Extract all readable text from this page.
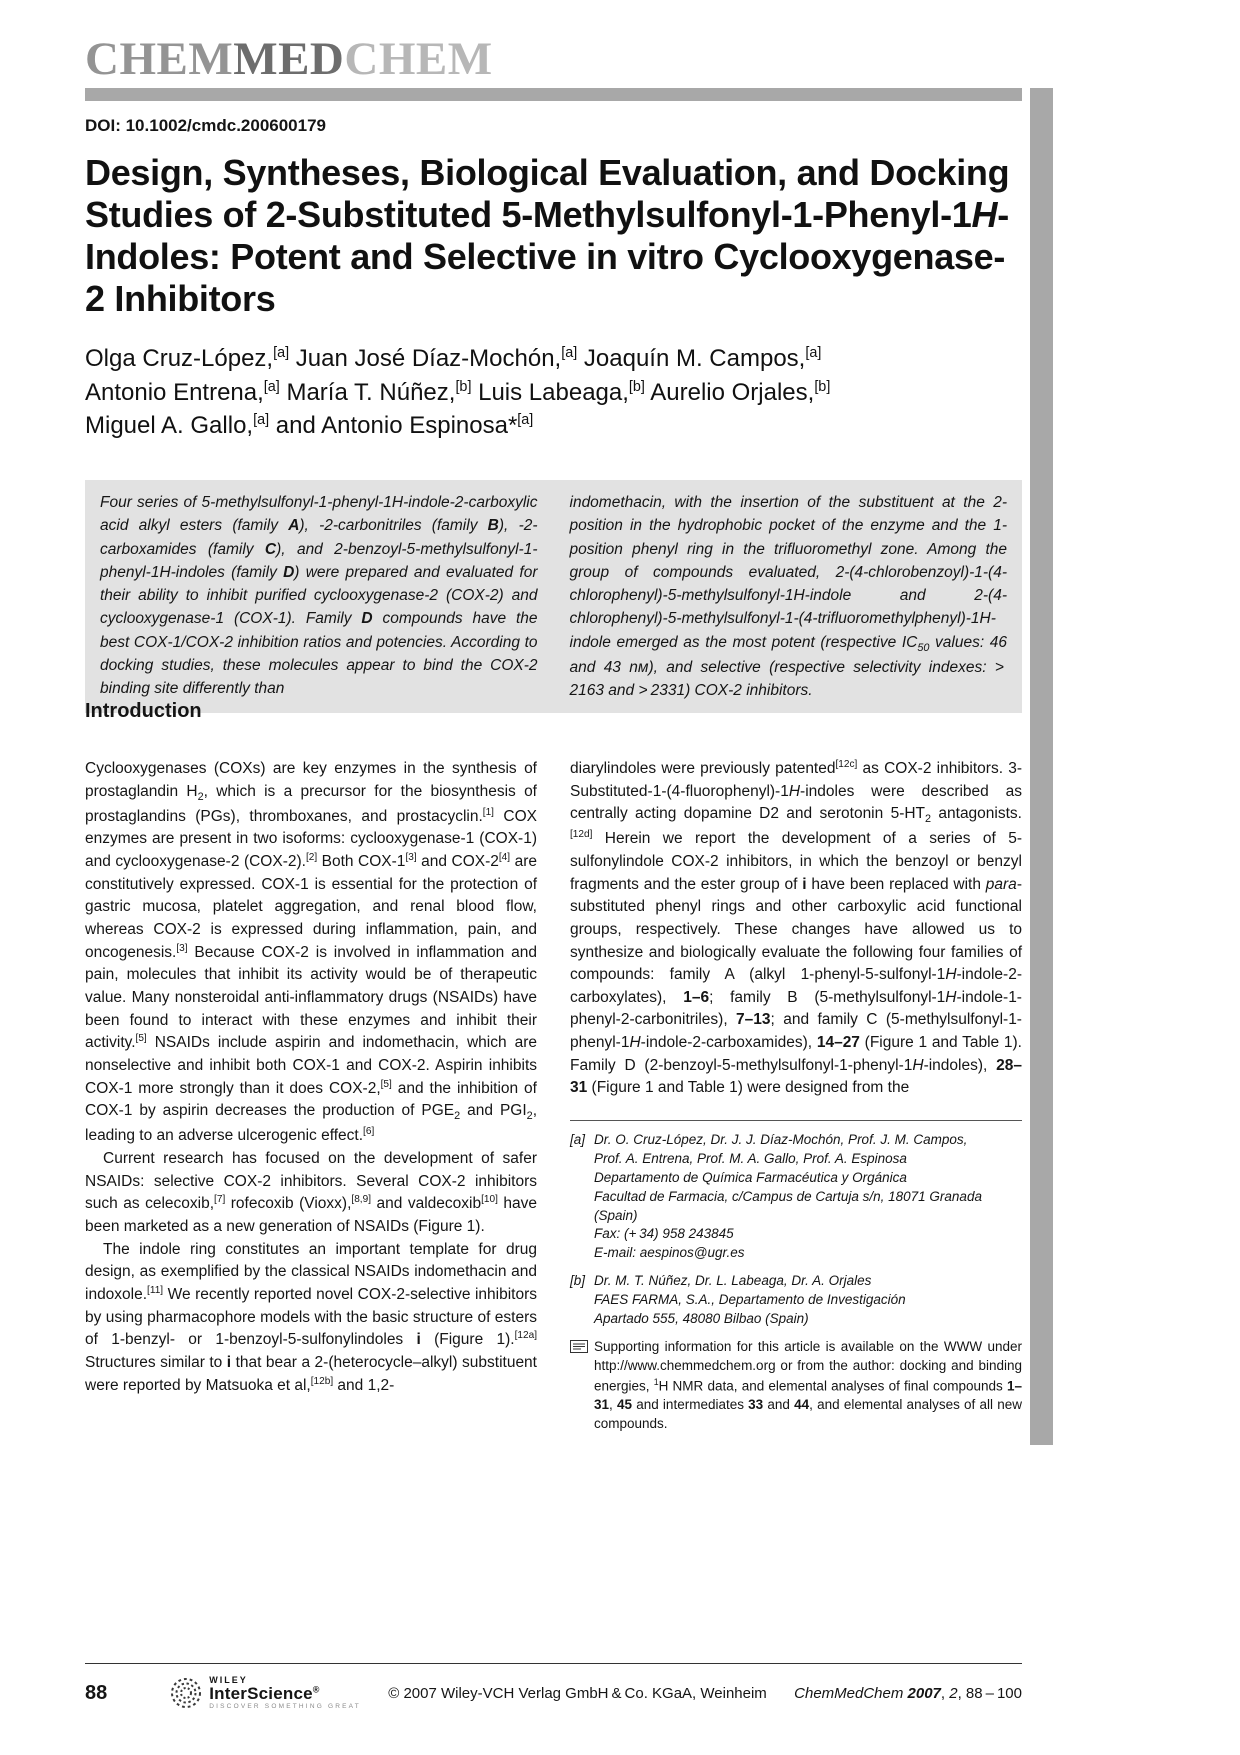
CHEMMEDCHEM
DOI: 10.1002/cmdc.200600179
Design, Syntheses, Biological Evaluation, and Docking Studies of 2-Substituted 5-Methylsulfonyl-1-Phenyl-1H-Indoles: Potent and Selective in vitro Cyclooxygenase-2 Inhibitors
Olga Cruz-López,[a] Juan José Díaz-Mochón,[a] Joaquín M. Campos,[a]
Antonio Entrena,[a] María T. Núñez,[b] Luis Labeaga,[b] Aurelio Orjales,[b]
Miguel A. Gallo,[a] and Antonio Espinosa*[a]
Four series of 5-methylsulfonyl-1-phenyl-1H-indole-2-carboxylic acid alkyl esters (family A), -2-carbonitriles (family B), -2-carboxamides (family C), and 2-benzoyl-5-methylsulfonyl-1-phenyl-1H-indoles (family D) were prepared and evaluated for their ability to inhibit purified cyclooxygenase-2 (COX-2) and cyclooxygenase-1 (COX-1). Family D compounds have the best COX-1/COX-2 inhibition ratios and potencies. According to docking studies, these molecules appear to bind the COX-2 binding site differently than
indomethacin, with the insertion of the substituent at the 2-position in the hydrophobic pocket of the enzyme and the 1-position phenyl ring in the trifluoromethyl zone. Among the group of compounds evaluated, 2-(4-chlorobenzoyl)-1-(4-chlorophenyl)-5-methylsulfonyl-1H-indole and 2-(4-chlorophenyl)-5-methylsulfonyl-1-(4-trifluoromethylphenyl)-1H-indole emerged as the most potent (respective $IC_{50}$ values: 46 and 43 nᴍ), and selective (respective selectivity indexes: > 2163 and > 2331) COX-2 inhibitors.
Introduction

Cyclooxygenases (COXs) are key enzymes in the synthesis of prostaglandin $H_2$, which is a precursor for the biosynthesis of prostaglandins (PGs), thromboxanes, and prostacyclin.[1] COX enzymes are present in two isoforms: cyclooxygenase-1 (COX-1) and cyclooxygenase-2 (COX-2).[2] Both COX-1[3] and COX-2[4] are constitutively expressed. COX-1 is essential for the protection of gastric mucosa, platelet aggregation, and renal blood flow, whereas COX-2 is expressed during inflammation, pain, and oncogenesis.[3] Because COX-2 is involved in inflammation and pain, molecules that inhibit its activity would be of therapeutic value. Many nonsteroidal anti-inflammatory drugs (NSAIDs) have been found to interact with these enzymes and inhibit their activity.[5] NSAIDs include aspirin and indomethacin, which are nonselective and inhibit both COX-1 and COX-2. Aspirin inhibits COX-1 more strongly than it does COX-2,[5] and the inhibition of COX-1 by aspirin decreases the production of $PGE_2$ and $PGI_2$, leading to an adverse ulcerogenic effect.[6]

Current research has focused on the development of safer NSAIDs: selective COX-2 inhibitors. Several COX-2 inhibitors such as celecoxib,[7] rofecoxib (Vioxx),[8,9] and valdecoxib[10] have been marketed as a new generation of NSAIDs (Figure 1).

The indole ring constitutes an important template for drug design, as exemplified by the classical NSAIDs indomethacin and indoxole.[11] We recently reported novel COX-2-selective inhibitors by using pharmacophore models with the basic structure of esters of 1-benzyl- or 1-benzoyl-5-sulfonylindoles i (Figure 1).[12a] Structures similar to i that bear a 2-(heterocycle–alkyl) substituent were reported by Matsuoka et al,[12b] and 1,2-

diarylindoles were previously patented[12c] as COX-2 inhibitors. 3-Substituted-1-(4-fluorophenyl)-1H-indoles were described as centrally acting dopamine D2 and serotonin $5-HT_2$ antagonists.[12d] Herein we report the development of a series of 5-sulfonylindole COX-2 inhibitors, in which the benzoyl or benzyl fragments and the ester group of i have been replaced with para-substituted phenyl rings and other carboxylic acid functional groups, respectively. These changes have allowed us to synthesize and biologically evaluate the following four families of compounds: family A (alkyl 1-phenyl-5-sulfonyl-1H-indole-2-carboxylates), 1–6; family B (5-methylsulfonyl-1H-indole-1-phenyl-2-carbonitriles), 7–13; and family C (5-methylsulfonyl-1-phenyl-1H-indole-2-carboxamides), 14–27 (Figure 1 and Table 1). Family D (2-benzoyl-5-methylsulfonyl-1-phenyl-1H-indoles), 28–31 (Figure 1 and Table 1) were designed from the

[a] Dr. O. Cruz-López, Dr. J. J. Díaz-Mochón, Prof. J. M. Campos,
Prof. A. Entrena, Prof. M. A. Gallo, Prof. A. Espinosa
Departamento de Química Farmacéutica y Orgánica
Facultad de Farmacia, c/Campus de Cartuja s/n, 18071 Granada (Spain)
Fax: (+ 34) 958 243845
E-mail: aespinos@ugr.es
[b] Dr. M. T. Núñez, Dr. L. Labeaga, Dr. A. Orjales
FAES FARMA, S.A., Departamento de Investigación
Apartado 555, 48080 Bilbao (Spain)
Supporting information for this article is available on the WWW under http://www.chemmedchem.org or from the author: docking and binding energies, $^1$H NMR data, and elemental analyses of final compounds 1–31, 45 and intermediates 33 and 44, and elemental analyses of all new compounds.
88
WILEY
InterScience®
DISCOVER SOMETHING GREAT
© 2007 Wiley-VCH Verlag GmbH & Co. KGaA, Weinheim	ChemMedChem 2007, 2, 88 – 100
